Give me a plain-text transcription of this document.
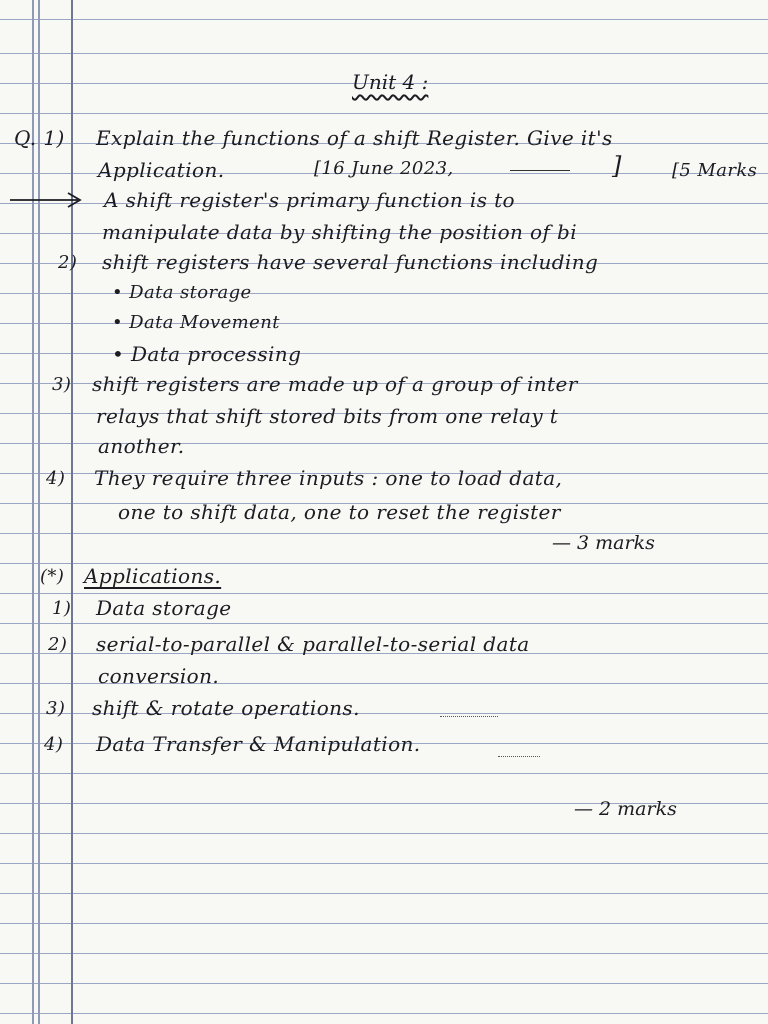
Unit 4 :
Q. 1) Explain the functions of a shift Register. Give it's
Application.	[16 June 2023,	]	[5 Marks
A shift register's primary function is to
manipulate data by shifting the position of bi
2) shift registers have several functions including
• Data storage
• Data Movement
• Data processing
3) shift registers are made up of a group of inter
relays that shift stored bits from one relay t
another.
4) They require three inputs : one to load data,
one to shift data, one to reset the register
— 3 marks
(*) Applications.
1) Data storage
2) serial-to-parallel & parallel-to-serial data
conversion.
3) shift & rotate operations.
4) Data Transfer & Manipulation.
— 2 marks
